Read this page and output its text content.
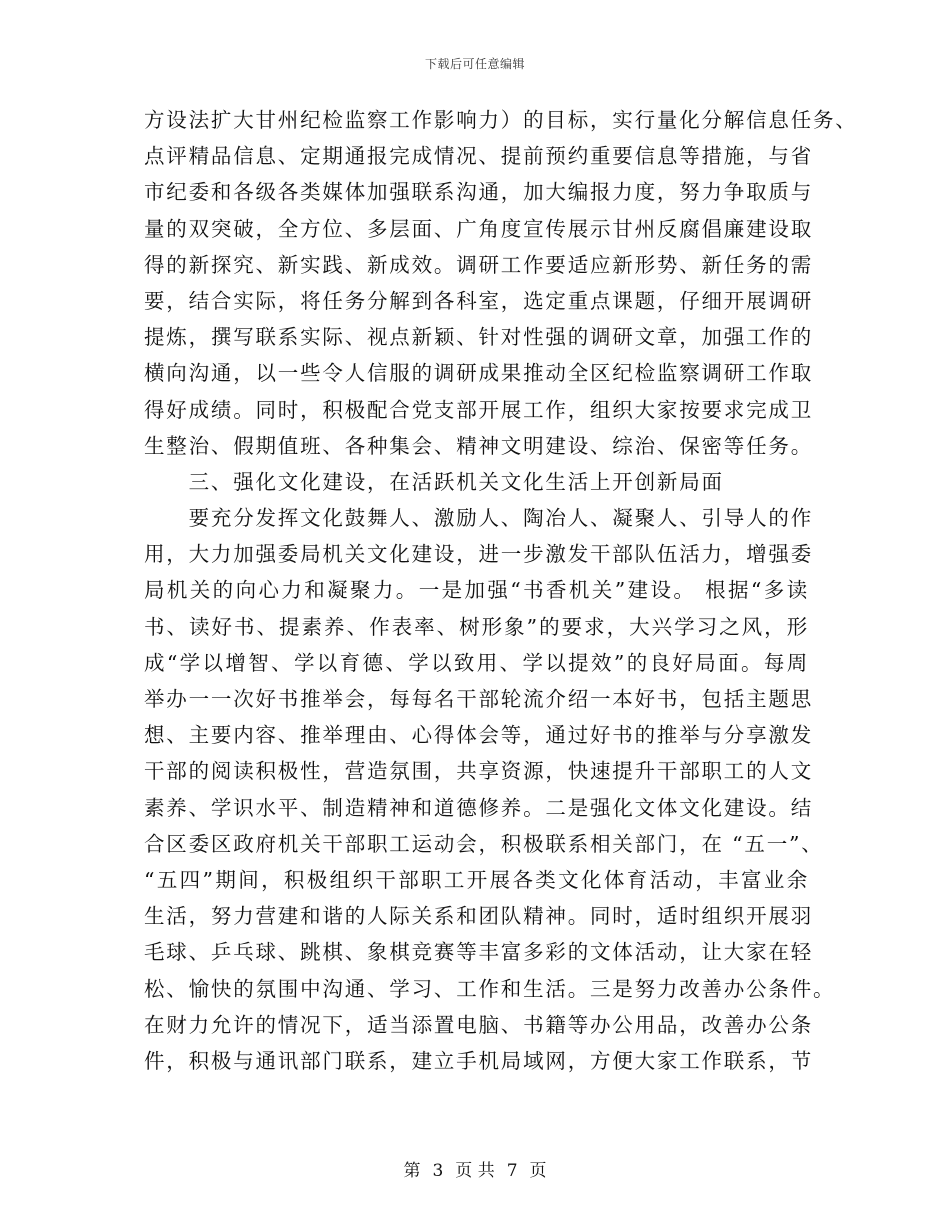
下载后可任意编辑
方设法扩大甘州纪检监察工作影响力）的目标，实行量化分解信息任务、
点评精品信息、定期通报完成情况、提前预约重要信息等措施，与省
市纪委和各级各类媒体加强联系沟通，加大编报力度，努力争取质与
量的双突破，全方位、多层面、广角度宣传展示甘州反腐倡廉建设取
得的新探究、新实践、新成效。调研工作要适应新形势、新任务的需
要，结合实际，将任务分解到各科室，选定重点课题，仔细开展调研
提炼，撰写联系实际、视点新颖、针对性强的调研文章，加强工作的
横向沟通，以一些令人信服的调研成果推动全区纪检监察调研工作取
得好成绩。同时，积极配合党支部开展工作，组织大家按要求完成卫
生整治、假期值班、各种集会、精神文明建设、综治、保密等任务。
　　三、强化文化建设，在活跃机关文化生活上开创新局面
　　要充分发挥文化鼓舞人、激励人、陶冶人、凝聚人、引导人的作
用，大力加强委局机关文化建设，进一步激发干部队伍活力，增强委
局机关的向心力和凝聚力。一是加强“书香机关”建设。 根据“多读
书、读好书、提素养、作表率、树形象”的要求，大兴学习之风，形
成“学以增智、学以育德、学以致用、学以提效”的良好局面。每周
举办一一次好书推举会，每每名干部轮流介绍一本好书，包括主题思
想、主要内容、推举理由、心得体会等，通过好书的推举与分享激发
干部的阅读积极性，营造氛围，共享资源，快速提升干部职工的人文
素养、学识水平、制造精神和道德修养。二是强化文体文化建设。结
合区委区政府机关干部职工运动会，积极联系相关部门，在 “五一”、
“五四”期间，积极组织干部职工开展各类文化体育活动，丰富业余
生活，努力营建和谐的人际关系和团队精神。同时，适时组织开展羽
毛球、乒乓球、跳棋、象棋竞赛等丰富多彩的文体活动，让大家在轻
松、愉快的氛围中沟通、学习、工作和生活。三是努力改善办公条件。
在财力允许的情况下，适当添置电脑、书籍等办公用品，改善办公条
件，积极与通讯部门联系，建立手机局域网，方便大家工作联系，节
第 3 页 共 7 页
